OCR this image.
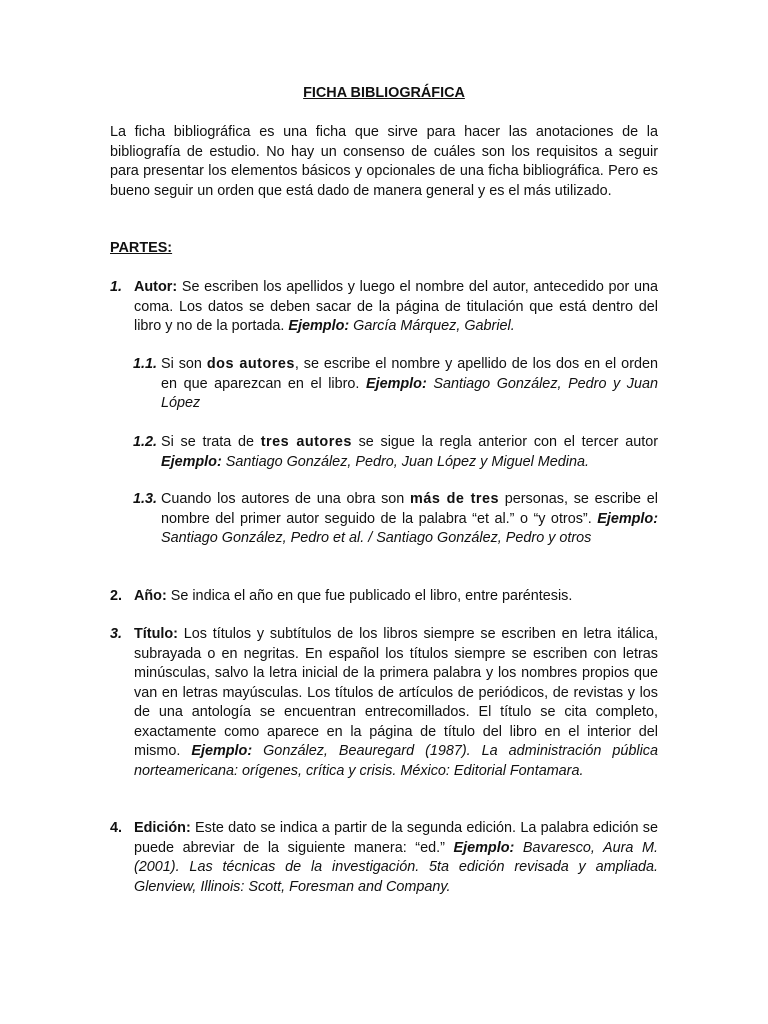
FICHA BIBLIOGRÁFICA

La ficha bibliográfica es una ficha que sirve para hacer las anotaciones de la bibliografía de estudio. No hay un consenso de cuáles son los requisitos a seguir para presentar los elementos básicos y opcionales de una ficha bibliográfica. Pero es bueno seguir un orden que está dado de manera general y es el más utilizado.

PARTES:
1. Autor: Se escriben los apellidos y luego el nombre del autor, antecedido por una coma. Los datos se deben sacar de la página de titulación que está dentro del libro y no de la portada. Ejemplo: García Márquez, Gabriel.
1.1. Si son dos autores, se escribe el nombre y apellido de los dos en el orden en que aparezcan en el libro. Ejemplo: Santiago González, Pedro y Juan López
1.2. Si se trata de tres autores se sigue la regla anterior con el tercer autor Ejemplo: Santiago González, Pedro, Juan López y Miguel Medina.
1.3. Cuando los autores de una obra son más de tres personas, se escribe el nombre del primer autor seguido de la palabra “et al.” o “y otros”. Ejemplo: Santiago González, Pedro et al. / Santiago González, Pedro y otros
2. Año: Se indica el año en que fue publicado el libro, entre paréntesis.
3. Título: Los títulos y subtítulos de los libros siempre se escriben en letra itálica, subrayada o en negritas. En español los títulos siempre se escriben con letras minúsculas, salvo la letra inicial de la primera palabra y los nombres propios que van en letras mayúsculas. Los títulos de artículos de periódicos, de revistas y los de una antología se encuentran entrecomillados. El título se cita completo, exactamente como aparece en la página de título del libro en el interior del mismo. Ejemplo: González, Beauregard (1987). La administración pública norteamericana: orígenes, crítica y crisis. México: Editorial Fontamara.
4. Edición: Este dato se indica a partir de la segunda edición. La palabra edición se puede abreviar de la siguiente manera: “ed.” Ejemplo: Bavaresco, Aura M. (2001). Las técnicas de la investigación. 5ta edición revisada y ampliada. Glenview, Illinois: Scott, Foresman and Company.
